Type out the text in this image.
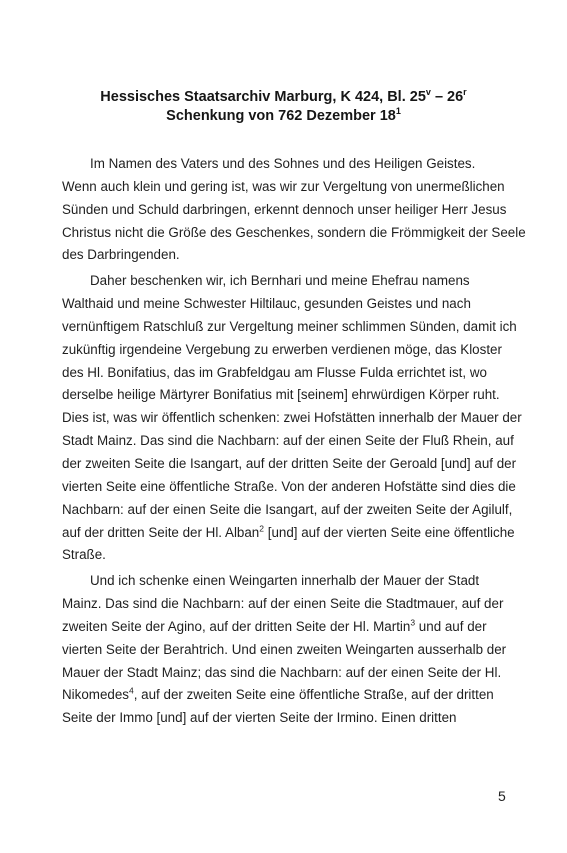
Hessisches Staatsarchiv Marburg, K 424, Bl. 25$^v$ – 26$^r$
Schenkung von 762 Dezember $18^1$
Im Namen des Vaters und des Sohnes und des Heiligen Geistes.
Wenn auch klein und gering ist, was wir zur Vergeltung von unermeßlichen
Sünden und Schuld darbringen, erkennt dennoch unser heiliger Herr Jesus
Christus nicht die Größe des Geschenkes, sondern die Frömmigkeit der Seele
des Darbringenden.
Daher beschenken wir, ich Bernhari und meine Ehefrau namens
Walthaid und meine Schwester Hiltilauc, gesunden Geistes und nach
vernünftigem Ratschluß zur Vergeltung meiner schlimmen Sünden, damit ich
zukünftig irgendeine Vergebung zu erwerben verdienen möge, das Kloster
des Hl. Bonifatius, das im Grabfeldgau am Flusse Fulda errichtet ist, wo
derselbe heilige Märtyrer Bonifatius mit [seinem] ehrwürdigen Körper ruht.
Dies ist, was wir öffentlich schenken: zwei Hofstätten innerhalb der Mauer der
Stadt Mainz. Das sind die Nachbarn: auf der einen Seite der Fluß Rhein, auf
der zweiten Seite die Isangart, auf der dritten Seite der Geroald [und] auf der
vierten Seite eine öffentliche Straße. Von der anderen Hofstätte sind dies die
Nachbarn: auf der einen Seite die Isangart, auf der zweiten Seite der Agilulf,
auf der dritten Seite der Hl. Alban$^2$ [und] auf der vierten Seite eine öffentliche
Straße.
Und ich schenke einen Weingarten innerhalb der Mauer der Stadt
Mainz. Das sind die Nachbarn: auf der einen Seite die Stadtmauer, auf der
zweiten Seite der Agino, auf der dritten Seite der Hl. Martin$^3$ und auf der
vierten Seite der Berahtrich. Und einen zweiten Weingarten ausserhalb der
Mauer der Stadt Mainz; das sind die Nachbarn: auf der einen Seite der Hl.
Nikomedes$^4$, auf der zweiten Seite eine öffentliche Straße, auf der dritten
Seite der Immo [und] auf der vierten Seite der Irmino. Einen dritten
5
